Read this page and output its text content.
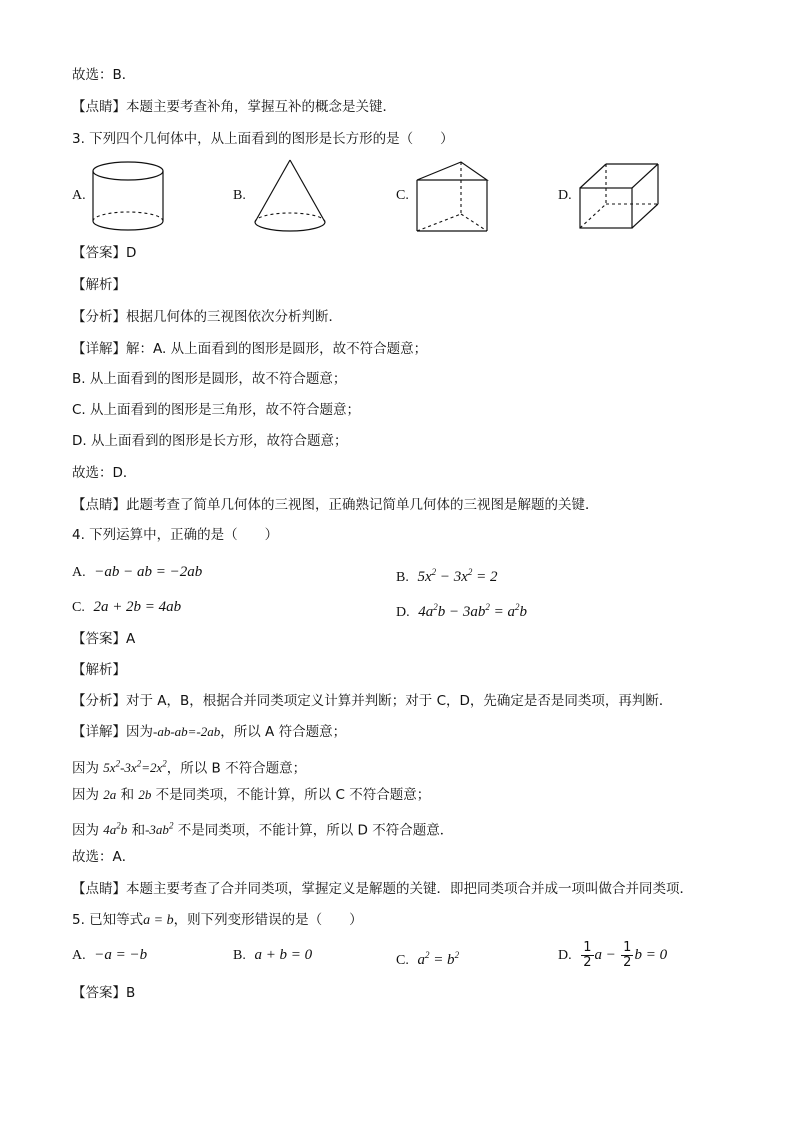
故选：B．
【点睛】本题主要考查补角，掌握互补的概念是关键．
3. 下列四个几何体中，从上面看到的图形是长方形的是（　　）
A.	B.	C.	D.
【答案】D
【解析】
【分析】根据几何体的三视图依次分析判断．
【详解】解：A. 从上面看到的图形是圆形，故不符合题意；
B. 从上面看到的图形是圆形，故不符合题意；
C. 从上面看到的图形是三角形，故不符合题意；
D. 从上面看到的图形是长方形，故符合题意；
故选：D．
【点睛】此题考查了简单几何体的三视图，正确熟记简单几何体的三视图是解题的关键．
4. 下列运算中，正确的是（　　）
A. −ab − ab = −2ab	B. $5x^2 - 3x^2 = 2$
C. 2a + 2b = 4ab	D. $4a^2b - 3ab^2 = a^2b$
【答案】A
【解析】
【分析】对于 A，B，根据合并同类项定义计算并判断；对于 C，D，先确定是否是同类项，再判断．
【详解】因为-ab-ab=-2ab，所以 A 符合题意；
因为 $5x^2-3x^2=2x^2$，所以 B 不符合题意；
因为 2a 和 2b 不是同类项，不能计算，所以 C 不符合题意；
因为 $4a^2b$ 和$-3ab^2$ 不是同类项，不能计算，所以 D 不符合题意．
故选：A．
【点睛】本题主要考查了合并同类项，掌握定义是解题的关键．即把同类项合并成一项叫做合并同类项．
5. 已知等式a = b，则下列变形错误的是（　　）
A. −a = −b	B. a + b = 0	C. $a^2 = b^2$	D. $\frac{1}{2}$ $a - \frac{1}{2}$ b = 0
【答案】B
